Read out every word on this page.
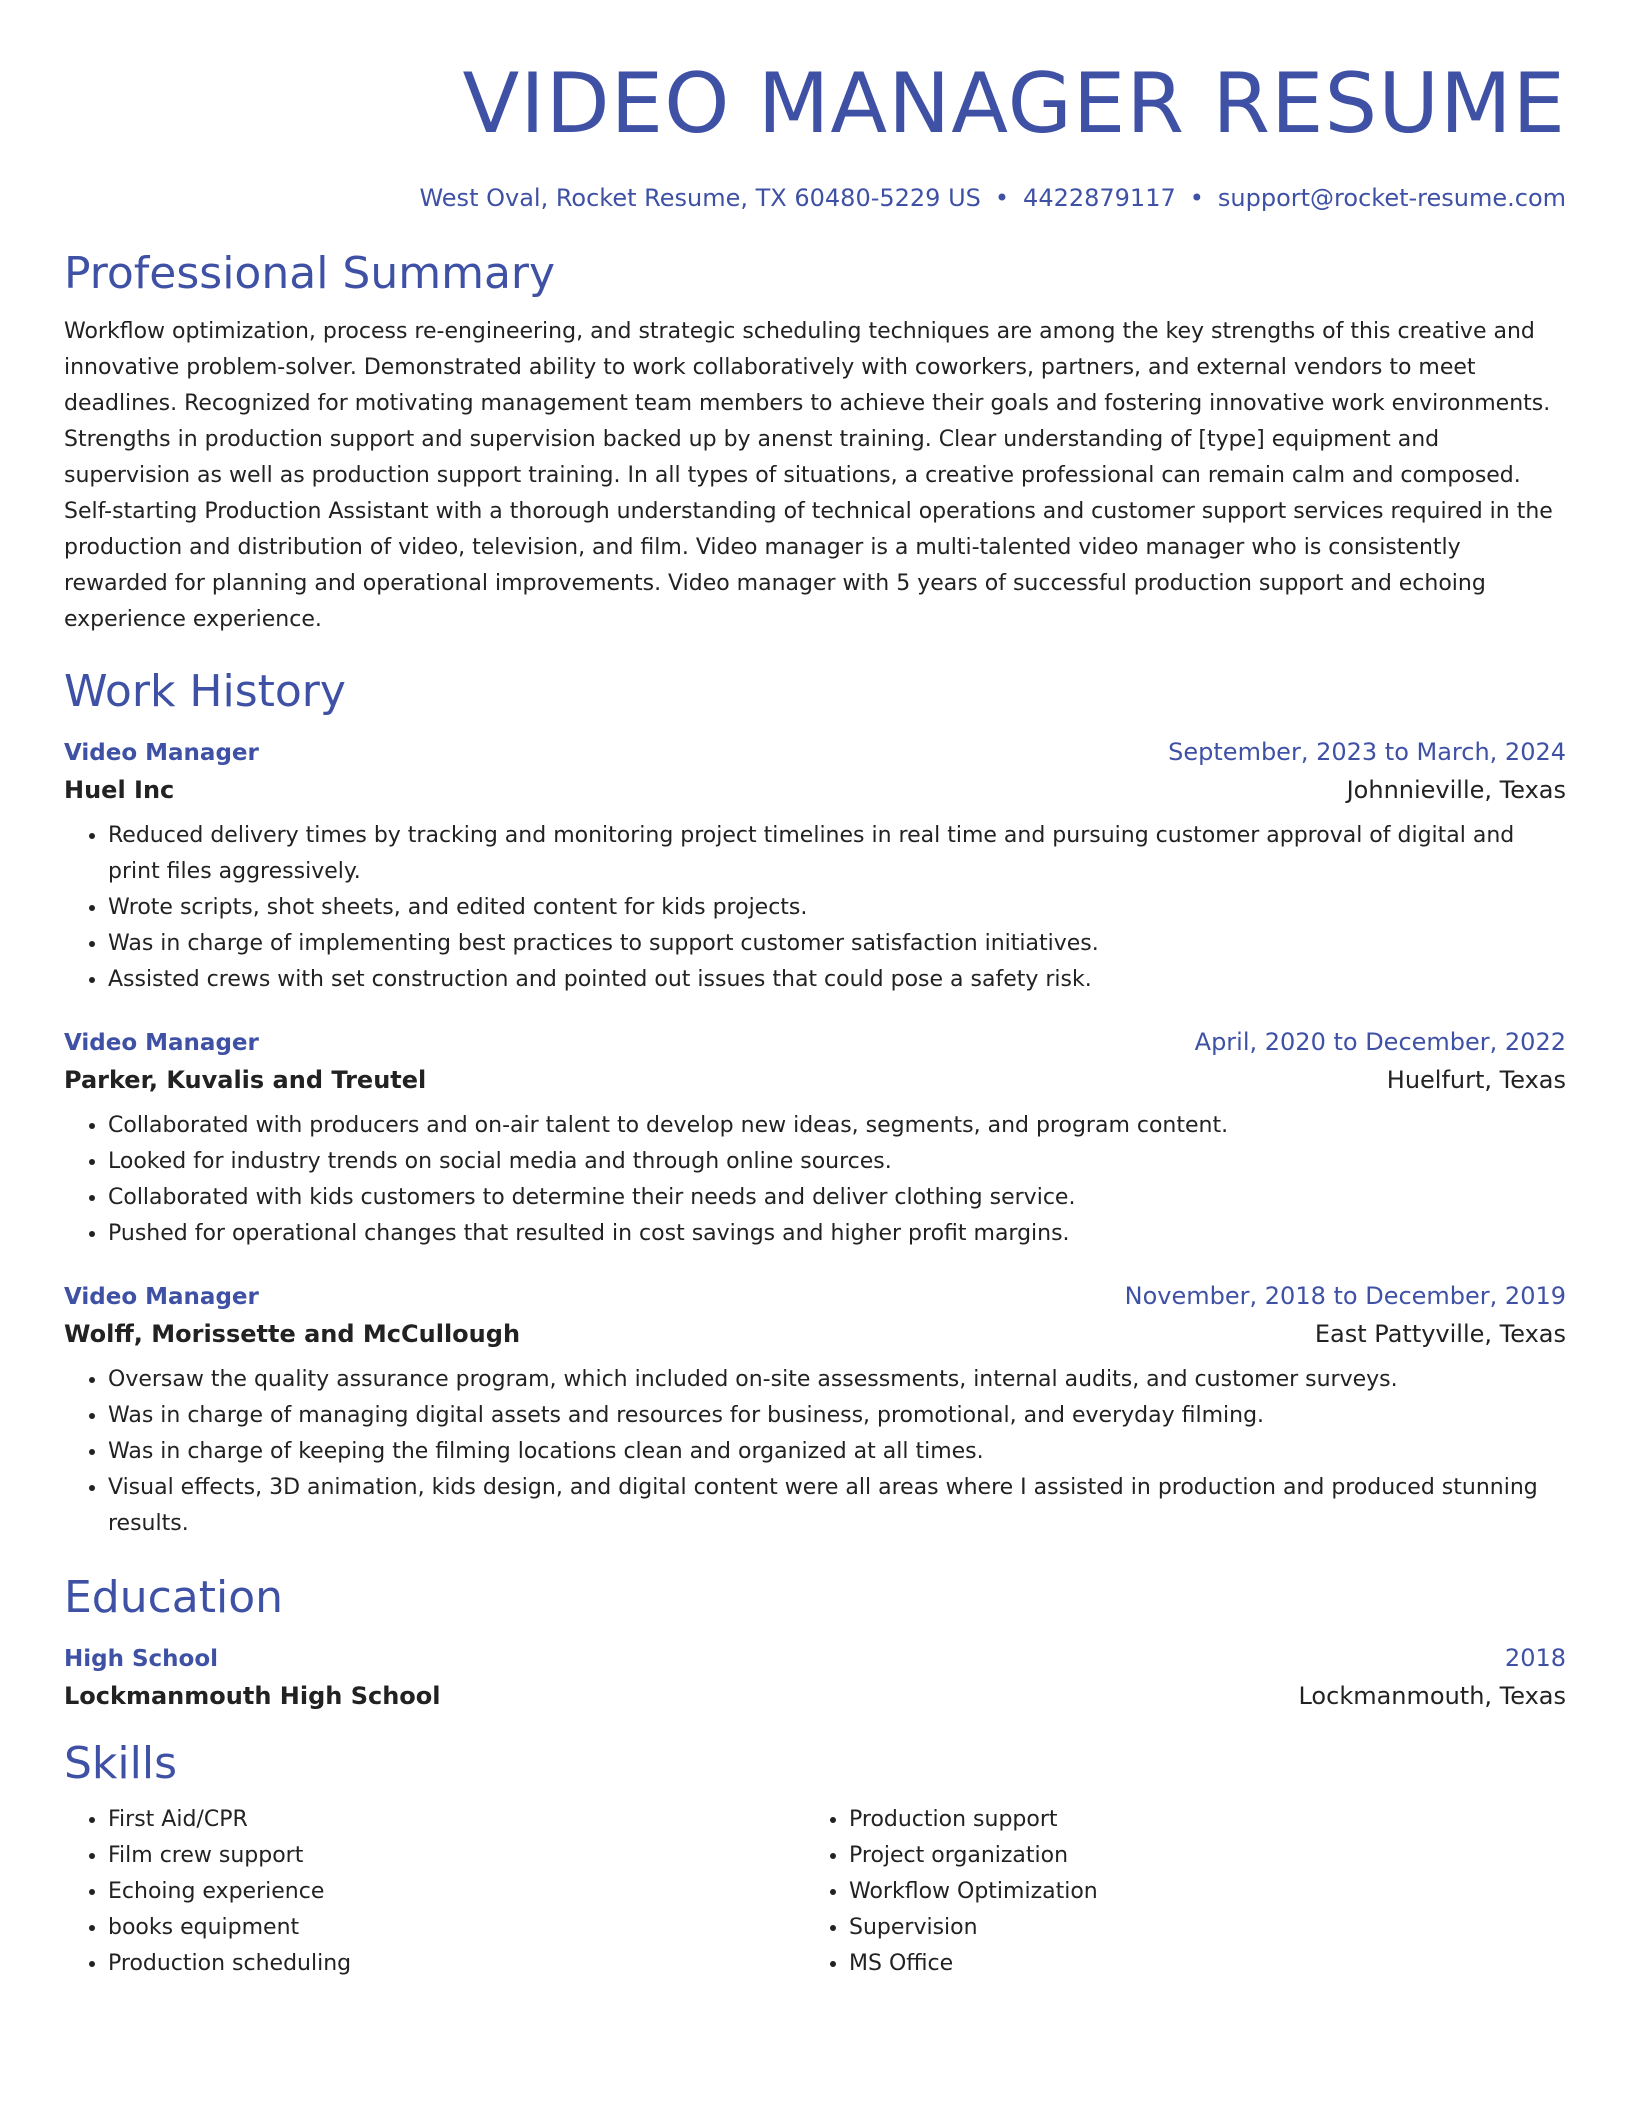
VIDEO MANAGER RESUME
West Oval, Rocket Resume, TX 60480-5229 US • 4422879117 • support@rocket-resume.com
Professional Summary
Workflow optimization, process re-engineering, and strategic scheduling techniques are among the key strengths of this creative and innovative problem-solver. Demonstrated ability to work collaboratively with coworkers, partners, and external vendors to meet deadlines. Recognized for motivating management team members to achieve their goals and fostering innovative work environments. Strengths in production support and supervision backed up by anenst training. Clear understanding of [type] equipment and supervision as well as production support training. In all types of situations, a creative professional can remain calm and composed. Self-starting Production Assistant with a thorough understanding of technical operations and customer support services required in the production and distribution of video, television, and film. Video manager is a multi-talented video manager who is consistently rewarded for planning and operational improvements. Video manager with 5 years of successful production support and echoing experience experience.
Work History
Video Manager	September, 2023 to March, 2024
Huel Inc	Johnnieville, Texas
• Reduced delivery times by tracking and monitoring project timelines in real time and pursuing customer approval of digital and print files aggressively.
• Wrote scripts, shot sheets, and edited content for kids projects.
• Was in charge of implementing best practices to support customer satisfaction initiatives.
• Assisted crews with set construction and pointed out issues that could pose a safety risk.
Video Manager	April, 2020 to December, 2022
Parker, Kuvalis and Treutel	Huelfurt, Texas
• Collaborated with producers and on-air talent to develop new ideas, segments, and program content.
• Looked for industry trends on social media and through online sources.
• Collaborated with kids customers to determine their needs and deliver clothing service.
• Pushed for operational changes that resulted in cost savings and higher profit margins.
Video Manager	November, 2018 to December, 2019
Wolff, Morissette and McCullough	East Pattyville, Texas
• Oversaw the quality assurance program, which included on-site assessments, internal audits, and customer surveys.
• Was in charge of managing digital assets and resources for business, promotional, and everyday filming.
• Was in charge of keeping the filming locations clean and organized at all times.
• Visual effects, 3D animation, kids design, and digital content were all areas where I assisted in production and produced stunning results.
Education
High School	2018
Lockmanmouth High School	Lockmanmouth, Texas
Skills
• First Aid/CPR
• Film crew support
• Echoing experience
• books equipment
• Production scheduling
• Production support
• Project organization
• Workflow Optimization
• Supervision
• MS Office
